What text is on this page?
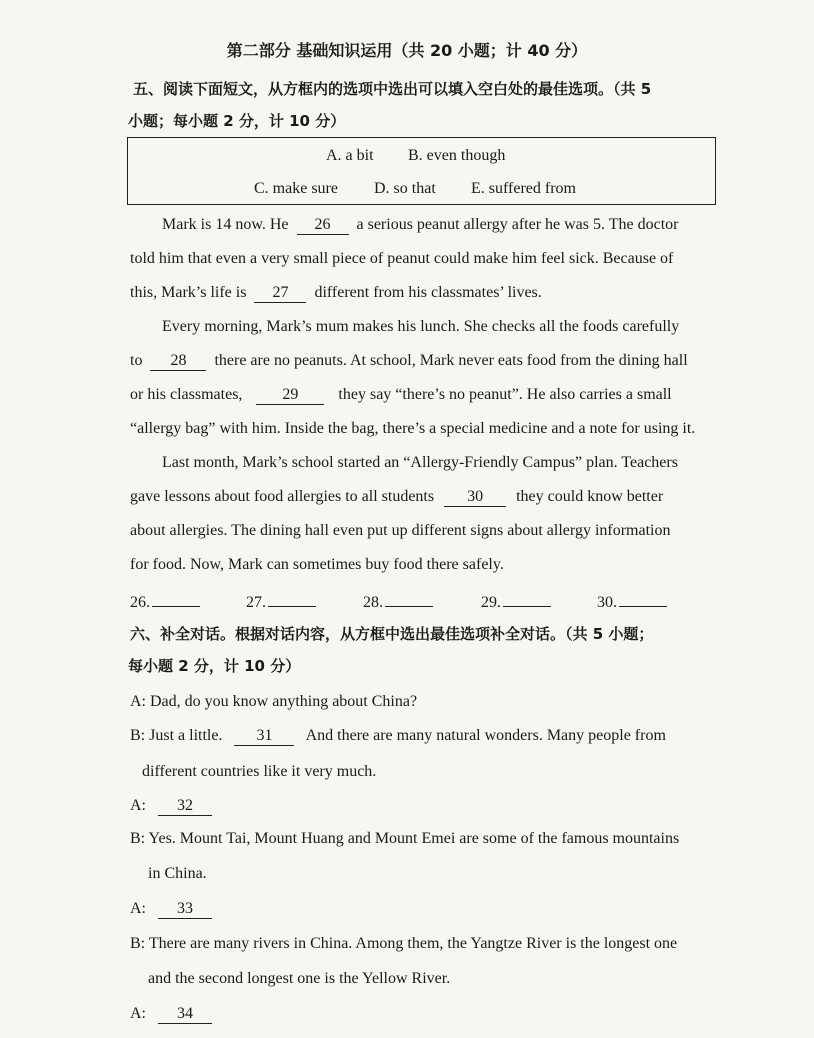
第二部分 基础知识运用（共 20 小题；计 40 分）
五、阅读下面短文，从方框内的选项中选出可以填入空白处的最佳选项。（共 5
小题；每小题 2 分，计 10 分）
A. a bit B. even though
C. make sure D. so that E. suffered from
Mark is 14 now. He 26 a serious peanut allergy after he was 5. The doctor
told him that even a very small piece of peanut could make him feel sick. Because of
this, Mark’s life is 27 different from his classmates’ lives.
Every morning, Mark’s mum makes his lunch. She checks all the foods carefully
to 28 there are no peanuts. At school, Mark never eats food from the dining hall
or his classmates,	29	they say “there’s no peanut”. He also carries a small
“allergy bag” with him. Inside the bag, there’s a special medicine and a note for using it.
Last month, Mark’s school started an “Allergy-Friendly Campus” plan. Teachers
gave lessons about food allergies to all students 30 they could know better
about allergies. The dining hall even put up different signs about allergy information
for food. Now, Mark can sometimes buy food there safely.
26.	27.	28.	29.	30.
六、补全对话。根据对话内容，从方框中选出最佳选项补全对话。（共 5 小题；
每小题 2 分，计 10 分）
A: Dad, do you know anything about China?
B: Just a little. 31 And there are many natural wonders. Many people from
different countries like it very much.
A: 32
B: Yes. Mount Tai, Mount Huang and Mount Emei are some of the famous mountains
in China.
A: 33
B: There are many rivers in China. Among them, the Yangtze River is the longest one
and the second longest one is the Yellow River.
A: 34
